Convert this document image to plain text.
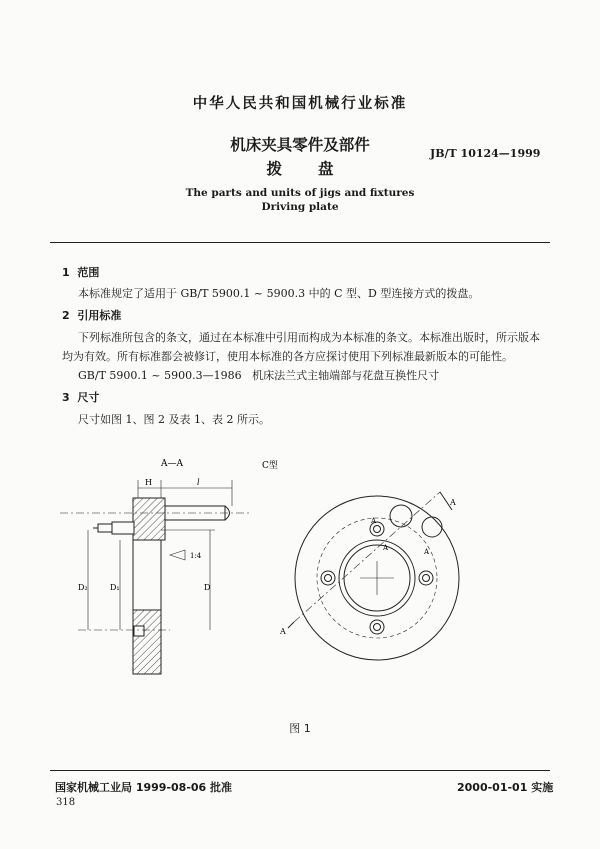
中华人民共和国机械行业标准
机床夹具零件及部件
拨盘
JB/T 10124—1999
The parts and units of jigs and fixtures
Driving plate
1 范围
本标准规定了适用于 GB/T 5900.1 ~ 5900.3 中的 C 型、D 型连接方式的拨盘。
2 引用标准
下列标准所包含的条文，通过在本标准中引用而构成为本标准的条文。本标准出版时，所示版本
均为有效。所有标准都会被修订，使用本标准的各方应探讨使用下列标准最新版本的可能性。
GB/T 5900.1 ~ 5900.3—1986   机床法兰式主轴端部与花盘互换性尺寸
3 尺寸
尺寸如图 1、图 2 及表 1、表 2 所示。
A—A
H	l
D₂	D₁	D
1:4
C型
A
A
A
A	A
图 1
国家机械工业局 1999-08-06 批准	2000-01-01 实施
318
